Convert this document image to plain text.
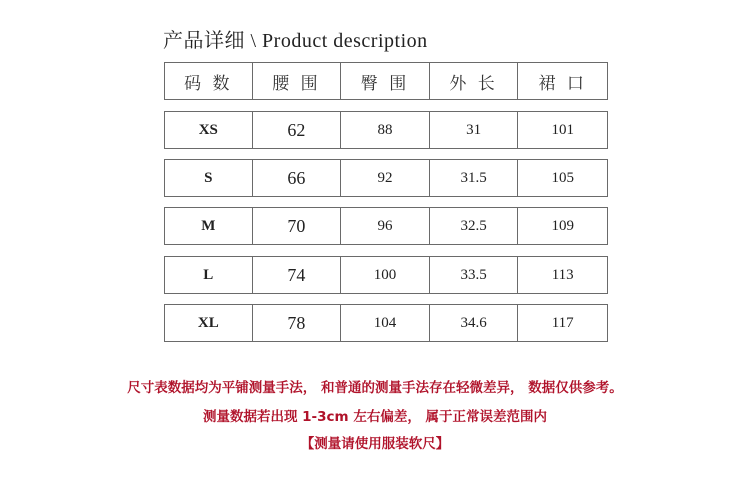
产品详细 \ Product description
码 数	腰 围	臀 围	外 长	裙 口
XS	62	88	31	101
S	66	92	31.5	105
M	70	96	32.5	109
L	74	100	33.5	113
XL	78	104	34.6	117
尺寸表数据均为平铺测量手法， 和普通的测量手法存在轻微差异， 数据仅供参考。
测量数据若出现 1-3cm 左右偏差， 属于正常误差范围内
【测量请使用服装软尺】
